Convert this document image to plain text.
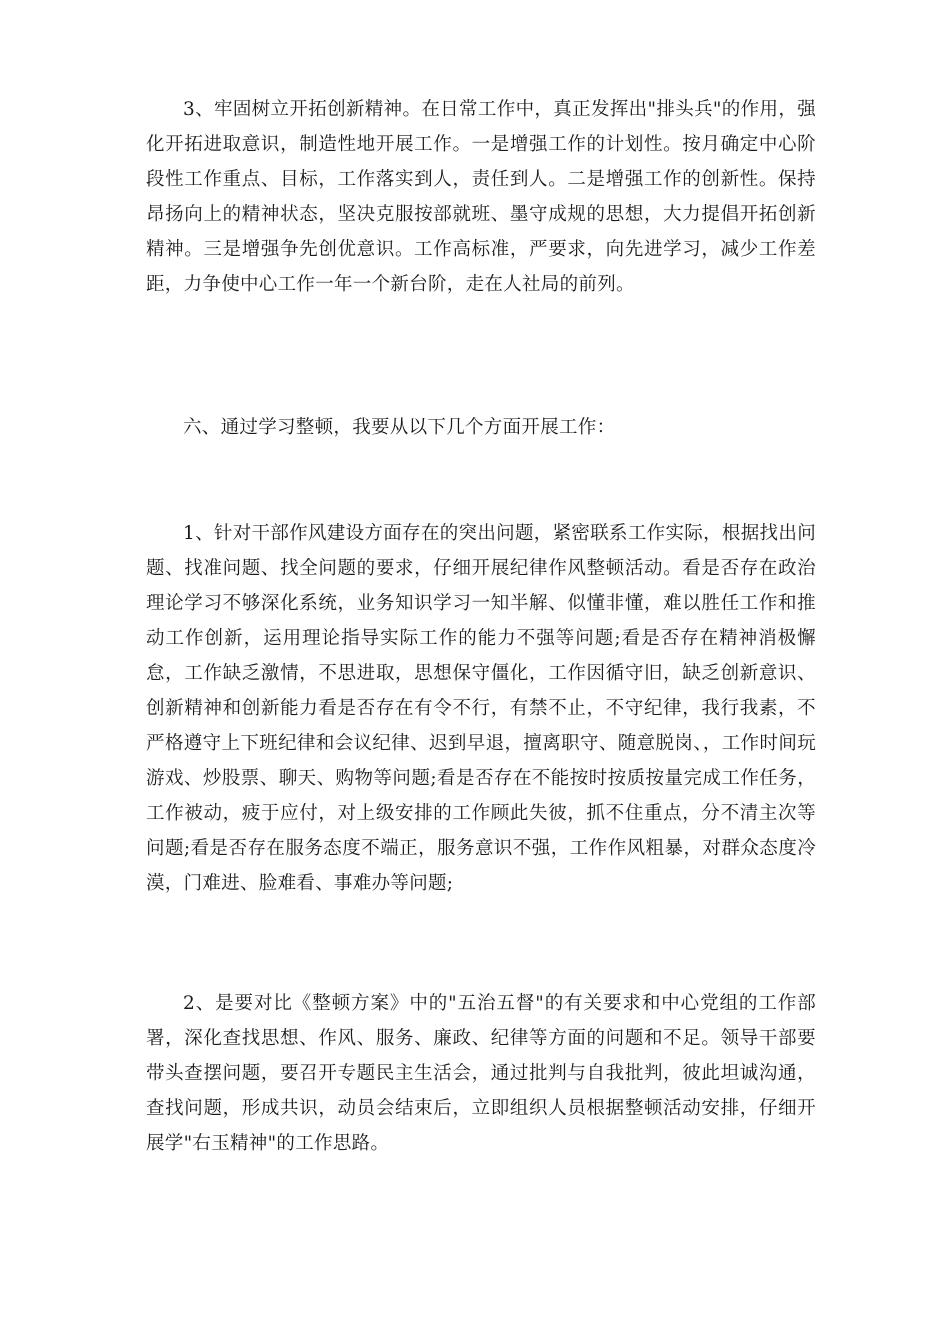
3、牢固树立开拓创新精神。在日常工作中，真正发挥出"排头兵"的作用，强化开拓进取意识，制造性地开展工作。一是增强工作的计划性。按月确定中心阶段性工作重点、目标，工作落实到人，责任到人。二是增强工作的创新性。保持昂扬向上的精神状态，坚决克服按部就班、墨守成规的思想，大力提倡开拓创新精神。三是增强争先创优意识。工作高标准，严要求，向先进学习，减少工作差距，力争使中心工作一年一个新台阶，走在人社局的前列。

六、通过学习整顿，我要从以下几个方面开展工作：

1、针对干部作风建设方面存在的突出问题，紧密联系工作实际，根据找出问题、找准问题、找全问题的要求，仔细开展纪律作风整顿活动。看是否存在政治理论学习不够深化系统，业务知识学习一知半解、似懂非懂，难以胜任工作和推动工作创新，运用理论指导实际工作的能力不强等问题;看是否存在精神消极懈怠，工作缺乏激情，不思进取，思想保守僵化，工作因循守旧，缺乏创新意识、创新精神和创新能力看是否存在有令不行，有禁不止，不守纪律，我行我素，不严格遵守上下班纪律和会议纪律、迟到早退，擅离职守、随意脱岗、，工作时间玩游戏、炒股票、聊天、购物等问题;看是否存在不能按时按质按量完成工作任务，工作被动，疲于应付，对上级安排的工作顾此失彼，抓不住重点，分不清主次等问题;看是否存在服务态度不端正，服务意识不强，工作作风粗暴，对群众态度冷漠，门难进、脸难看、事难办等问题;

2、是要对比《整顿方案》中的"五治五督"的有关要求和中心党组的工作部署，深化查找思想、作风、服务、廉政、纪律等方面的问题和不足。领导干部要带头查摆问题，要召开专题民主生活会，通过批判与自我批判，彼此坦诚沟通，查找问题，形成共识，动员会结束后，立即组织人员根据整顿活动安排，仔细开展学"右玉精神"的工作思路。
